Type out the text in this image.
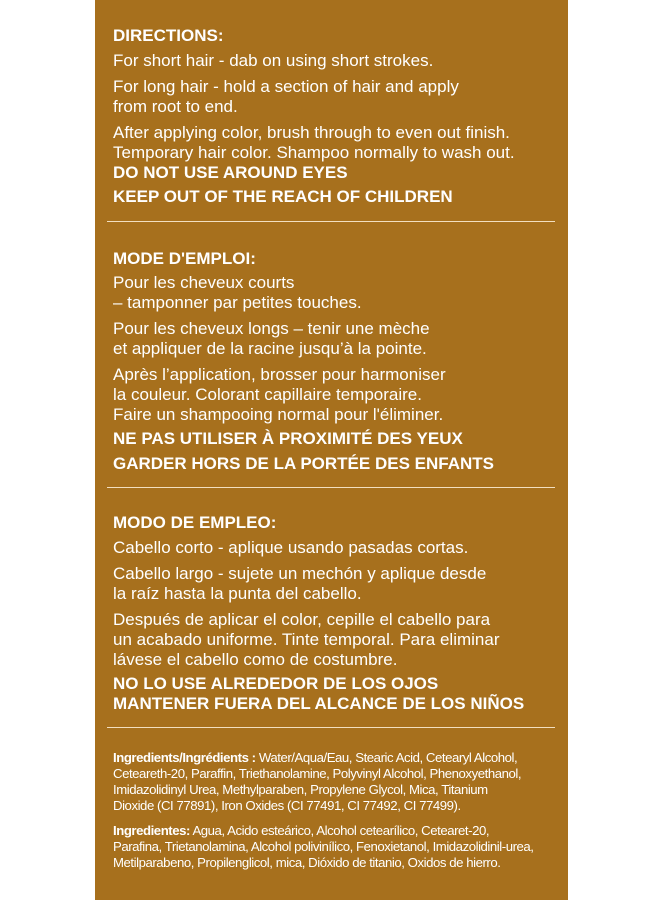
DIRECTIONS:

For short hair - dab on using short strokes.

For long hair - hold a section of hair and apply

from root to end.

After applying color, brush through to even out finish.

Temporary hair color. Shampoo normally to wash out.

DO NOT USE AROUND EYES

KEEP OUT OF THE REACH OF CHILDREN

MODE D'EMPLOI:

Pour les cheveux courts

– tamponner par petites touches.

Pour les cheveux longs – tenir une mèche

et appliquer de la racine jusqu’à la pointe.

Après l’application, brosser pour harmoniser

la couleur. Colorant capillaire temporaire.

Faire un shampooing normal pour l'éliminer.

NE PAS UTILISER À PROXIMITÉ DES YEUX

GARDER HORS DE LA PORTÉE DES ENFANTS

MODO DE EMPLEO:

Cabello corto - aplique usando pasadas cortas.

Cabello largo - sujete un mechón y aplique desde

la raíz hasta la punta del cabello.

Después de aplicar el color, cepille el cabello para

un acabado uniforme. Tinte temporal. Para eliminar

lávese el cabello como de costumbre.

NO LO USE ALREDEDOR DE LOS OJOS

MANTENER FUERA DEL ALCANCE DE LOS NIÑOS

Ingredients/Ingrédients : Water/Aqua/Eau, Stearic Acid, Cetearyl Alcohol,
Ceteareth-20, Paraffin, Triethanolamine, Polyvinyl Alcohol, Phenoxyethanol,
Imidazolidinyl Urea, Methylparaben, Propylene Glycol, Mica, Titanium
Dioxide (CI 77891), Iron Oxides (CI 77491, CI 77492, CI 77499).
Ingredientes: Agua, Acido esteárico, Alcohol cetearílico, Cetearet-20,
Parafina, Trietanolamina, Alcohol polivinílico, Fenoxietanol, Imidazolidinil-urea,
Metilparabeno, Propilenglicol, mica, Dióxido de titanio, Oxidos de hierro.
